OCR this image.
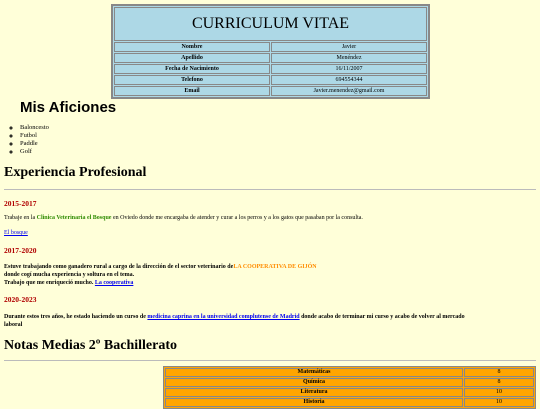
CURRICULUM VITAE	
Nombre	Javier
Apellido	Menéndez
Fecha de Nacimiento	16/11/2007
Telefono	694554344
Email	Javier.menendez@gmail.com
Mis Aficiones
◦ Baloncesto
◦ Futbol
◦ Paddle
◦ Golf
Experiencia Profesional

2015-2017

Trabaje en la Clinica Veterinaria el Bosque en Oviedo donde me encargaba de atender y curar a los perros y a los gatos que pasaban por la consulta.

El bosque

2017-2020

Estuve trabajando como ganadero rural a cargo de la dirección de el sector veterinario deLA COOPERATIVA DE GIJÓN
donde cogí mucha experiencia y soltura en el tema.
Trabajo que me enriqueció mucho. La cooperativa

2020-2023

Durante estos tres años, he estado haciendo un curso de medicina caprina en la universidad complutense de Madrid donde acabo de terminar mi curso y acabo de volver al mercado
laboral

Notas Medias 2º Bachillerato
Matemáticas	8
Química	8
Literatura	10
Historia	10
